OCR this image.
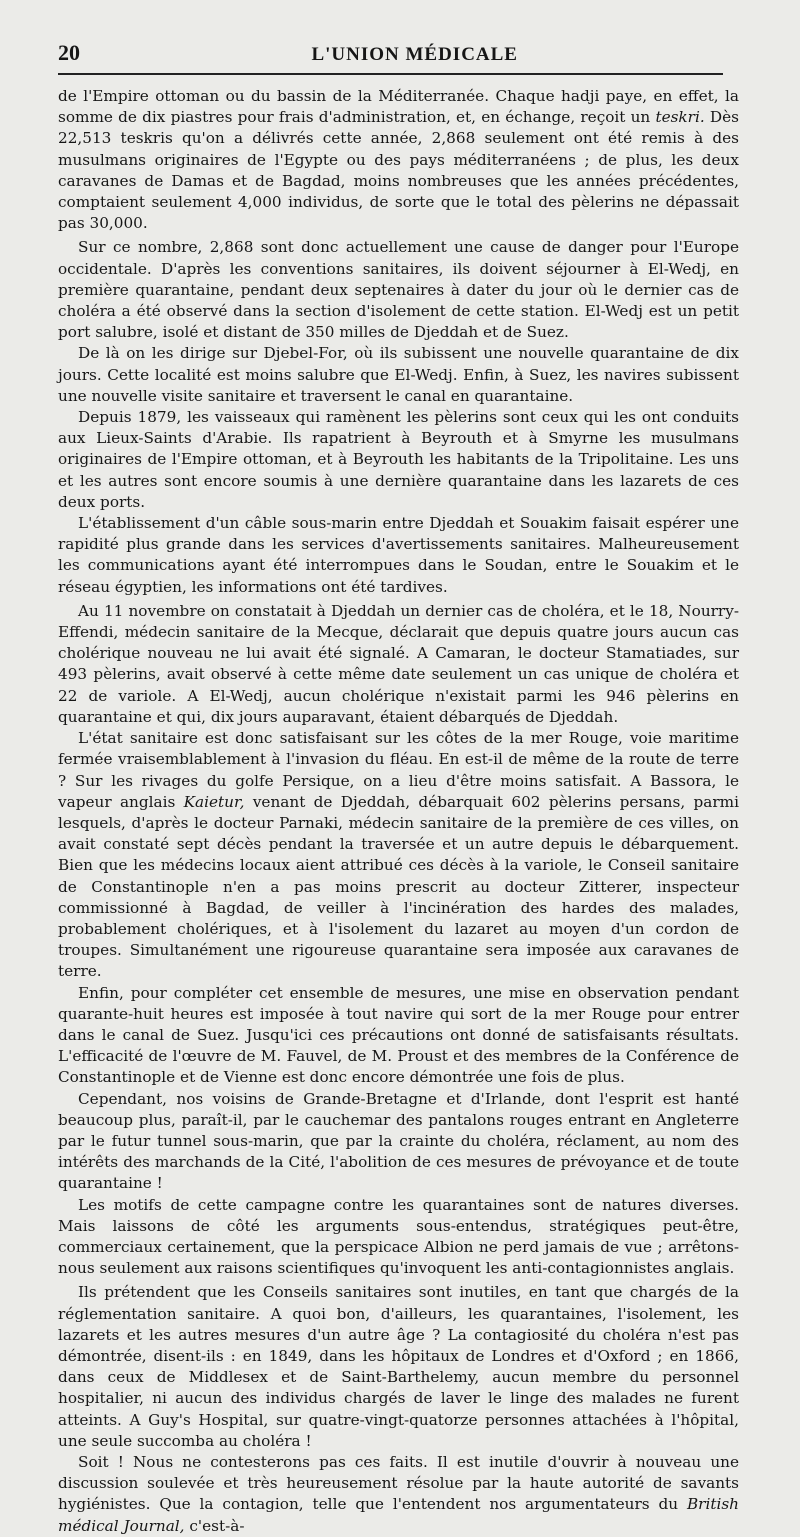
20	L'UNION MÉDICALE

de l'Empire ottoman ou du bassin de la Méditerranée. Chaque hadji paye, en effet, la somme de dix piastres pour frais d'administration, et, en échange, reçoit un teskri. Dès 22,513 teskris qu'on a délivrés cette année, 2,868 seulement ont été remis à des musulmans originaires de l'Egypte ou des pays méditerranéens ; de plus, les deux caravanes de Damas et de Bagdad, moins nombreuses que les années précédentes, comptaient seulement 4,000 individus, de sorte que le total des pèlerins ne dépassait pas 30,000.

Sur ce nombre, 2,868 sont donc actuellement une cause de danger pour l'Europe occidentale. D'après les conventions sanitaires, ils doivent séjourner à El-Wedj, en première quarantaine, pendant deux septenaires à dater du jour où le dernier cas de choléra a été observé dans la section d'isolement de cette station. El-Wedj est un petit port salubre, isolé et distant de 350 milles de Djeddah et de Suez.

De là on les dirige sur Djebel-For, où ils subissent une nouvelle quarantaine de dix jours. Cette localité est moins salubre que El-Wedj. Enfin, à Suez, les navires subissent une nouvelle visite sanitaire et traversent le canal en quarantaine.

Depuis 1879, les vaisseaux qui ramènent les pèlerins sont ceux qui les ont conduits aux Lieux-Saints d'Arabie. Ils rapatrient à Beyrouth et à Smyrne les musulmans originaires de l'Empire ottoman, et à Beyrouth les habitants de la Tripolitaine. Les uns et les autres sont encore soumis à une dernière quarantaine dans les lazarets de ces deux ports.

L'établissement d'un câble sous-marin entre Djeddah et Souakim faisait espérer une rapidité plus grande dans les services d'avertissements sanitaires. Malheureusement les communications ayant été interrompues dans le Soudan, entre le Souakim et le réseau égyptien, les informations ont été tardives.

Au 11 novembre on constatait à Djeddah un dernier cas de choléra, et le 18, Nourry-Effendi, médecin sanitaire de la Mecque, déclarait que depuis quatre jours aucun cas cholérique nouveau ne lui avait été signalé. A Camaran, le docteur Stamatiades, sur 493 pèlerins, avait observé à cette même date seulement un cas unique de choléra et 22 de variole. A El-Wedj, aucun cholérique n'existait parmi les 946 pèlerins en quarantaine et qui, dix jours auparavant, étaient débarqués de Djeddah.

L'état sanitaire est donc satisfaisant sur les côtes de la mer Rouge, voie maritime fermée vraisemblablement à l'invasion du fléau. En est-il de même de la route de terre ? Sur les rivages du golfe Persique, on a lieu d'être moins satisfait. A Bassora, le vapeur anglais Kaietur, venant de Djeddah, débarquait 602 pèlerins persans, parmi lesquels, d'après le docteur Parnaki, médecin sanitaire de la première de ces villes, on avait constaté sept décès pendant la traversée et un autre depuis le débarquement. Bien que les médecins locaux aient attribué ces décès à la variole, le Conseil sanitaire de Constantinople n'en a pas moins prescrit au docteur Zitterer, inspecteur commissionné à Bagdad, de veiller à l'incinération des hardes des malades, probablement cholériques, et à l'isolement du lazaret au moyen d'un cordon de troupes. Simultanément une rigoureuse quarantaine sera imposée aux caravanes de terre.

Enfin, pour compléter cet ensemble de mesures, une mise en observation pendant quarante-huit heures est imposée à tout navire qui sort de la mer Rouge pour entrer dans le canal de Suez. Jusqu'ici ces précautions ont donné de satisfaisants résultats. L'efficacité de l'œuvre de M. Fauvel, de M. Proust et des membres de la Conférence de Constantinople et de Vienne est donc encore démontrée une fois de plus.

Cependant, nos voisins de Grande-Bretagne et d'Irlande, dont l'esprit est hanté beaucoup plus, paraît-il, par le cauchemar des pantalons rouges entrant en Angleterre par le futur tunnel sous-marin, que par la crainte du choléra, réclament, au nom des intérêts des marchands de la Cité, l'abolition de ces mesures de prévoyance et de toute quarantaine !

Les motifs de cette campagne contre les quarantaines sont de natures diverses. Mais laissons de côté les arguments sous-entendus, stratégiques peut-être, commerciaux certainement, que la perspicace Albion ne perd jamais de vue ; arrêtons-nous seulement aux raisons scientifiques qu'invoquent les anti-contagionnistes anglais.

Ils prétendent que les Conseils sanitaires sont inutiles, en tant que chargés de la réglementation sanitaire. A quoi bon, d'ailleurs, les quarantaines, l'isolement, les lazarets et les autres mesures d'un autre âge ? La contagiosité du choléra n'est pas démontrée, disent-ils : en 1849, dans les hôpitaux de Londres et d'Oxford ; en 1866, dans ceux de Middlesex et de Saint-Barthelemy, aucun membre du personnel hospitalier, ni aucun des individus chargés de laver le linge des malades ne furent atteints. A Guy's Hospital, sur quatre-vingt-quatorze personnes attachées à l'hôpital, une seule succomba au choléra !

Soit ! Nous ne contesterons pas ces faits. Il est inutile d'ouvrir à nouveau une discussion soulevée et très heureusement résolue par la haute autorité de savants hygiénistes. Que la contagion, telle que l'entendent nos argumentateurs du British médical Journal, c'est-à-
